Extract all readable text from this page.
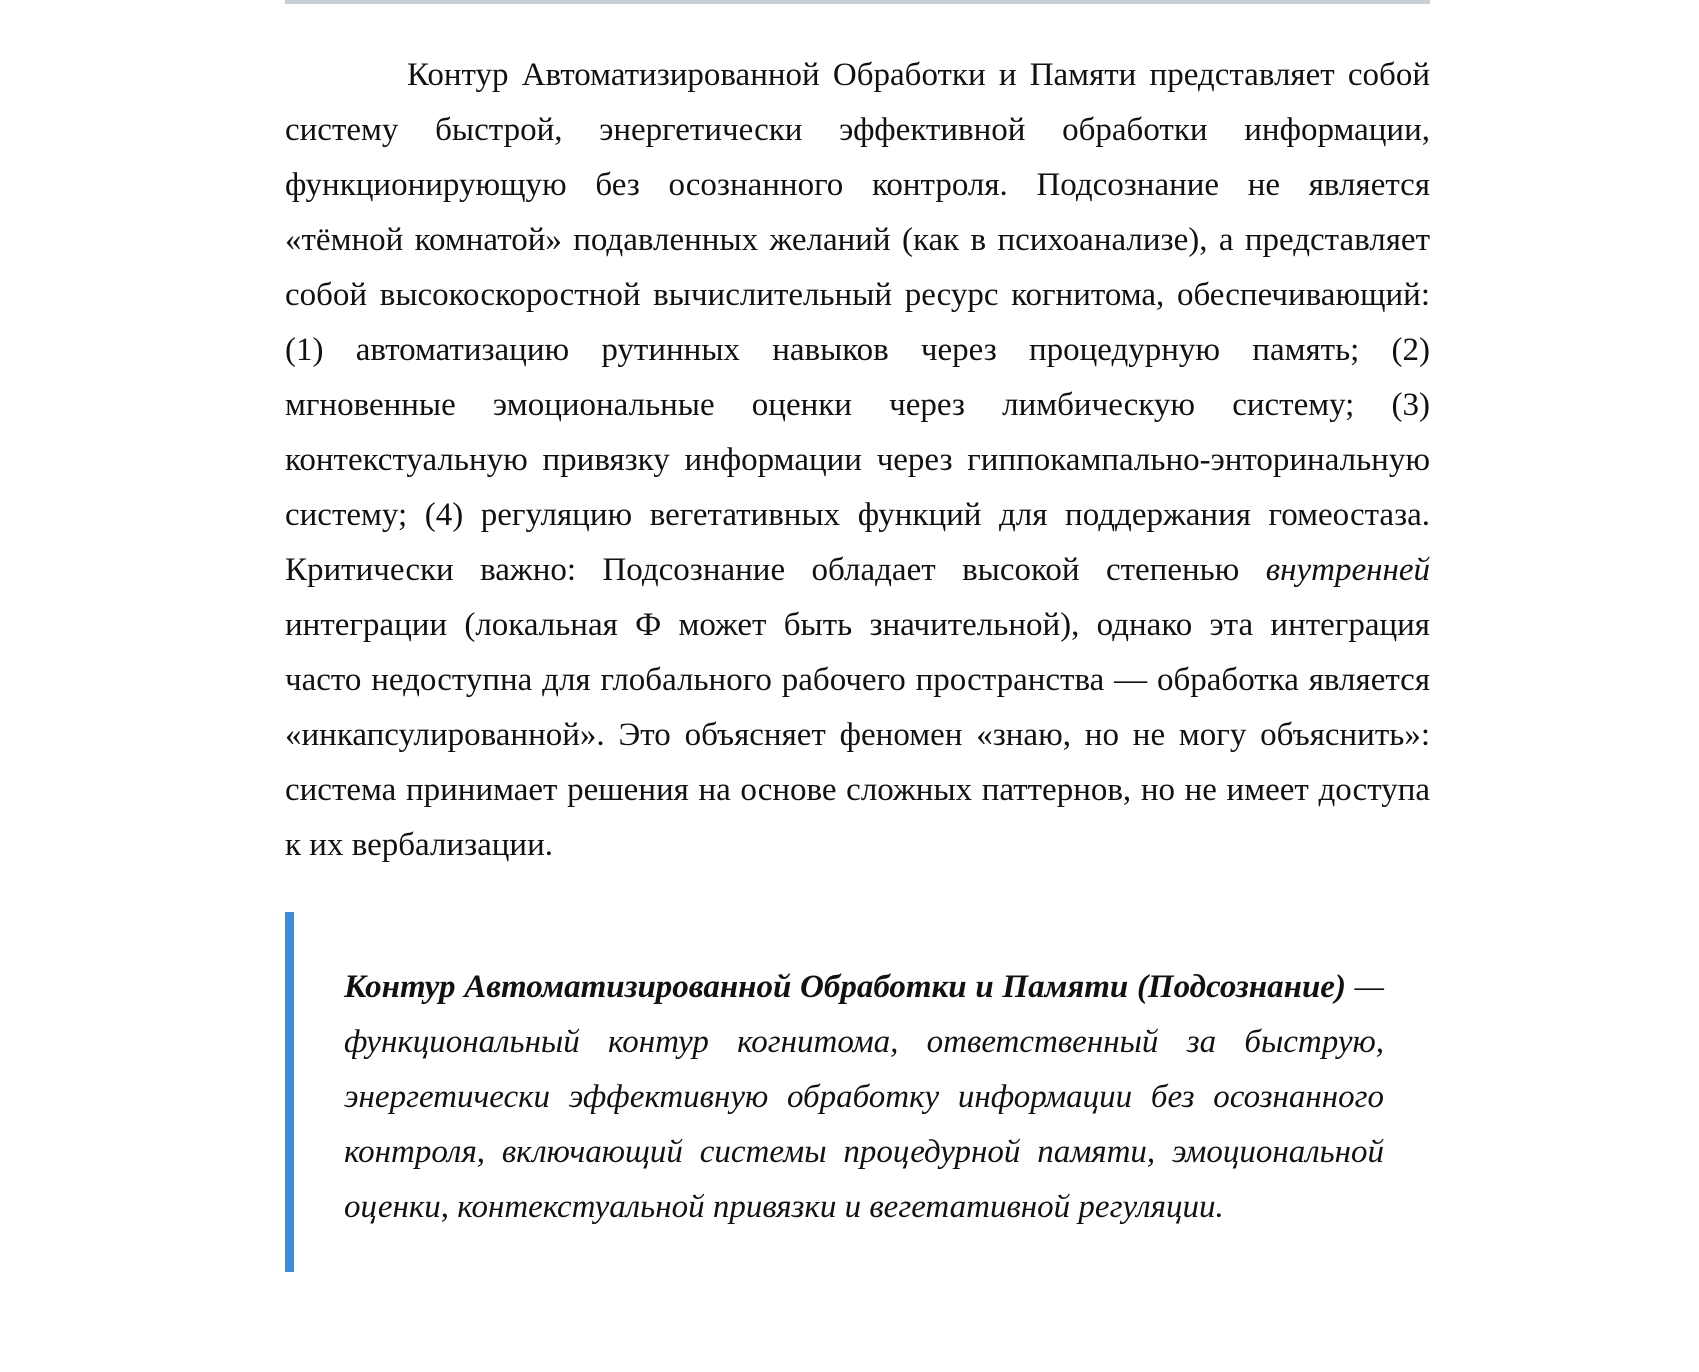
Контур Автоматизированной Обработки и Памяти представляет собой систему быстрой, энергетически эффективной обработки информации, функционирующую без осознанного контроля. Подсознание не является «тёмной комнатой» подавленных желаний (как в психоанализе), а представляет собой высокоскоростной вычислительный ресурс когнитома, обеспечивающий: (1) автоматизацию рутинных навыков через процедурную память; (2) мгновенные эмоциональные оценки через лимбическую систему; (3) контекстуальную привязку информации через гиппокампально-энторинальную систему; (4) регуляцию вегетативных функций для поддержания гомеостаза. Критически важно: Подсознание обладает высокой степенью внутренней интеграции (локальная Ф может быть значительной), однако эта интеграция часто недоступна для глобального рабочего пространства — обработка является «инкапсулированной». Это объясняет феномен «знаю, но не могу объяснить»: система принимает решения на основе сложных паттернов, но не имеет доступа к их вербализации.

Контур Автоматизированной Обработки и Памяти (Подсознание) — функциональный контур когнитома, ответственный за быструю, энергетически эффективную обработку информации без осознанного контроля, включающий системы процедурной памяти, эмоциональной оценки, контекстуальной привязки и вегетативной регуляции.
